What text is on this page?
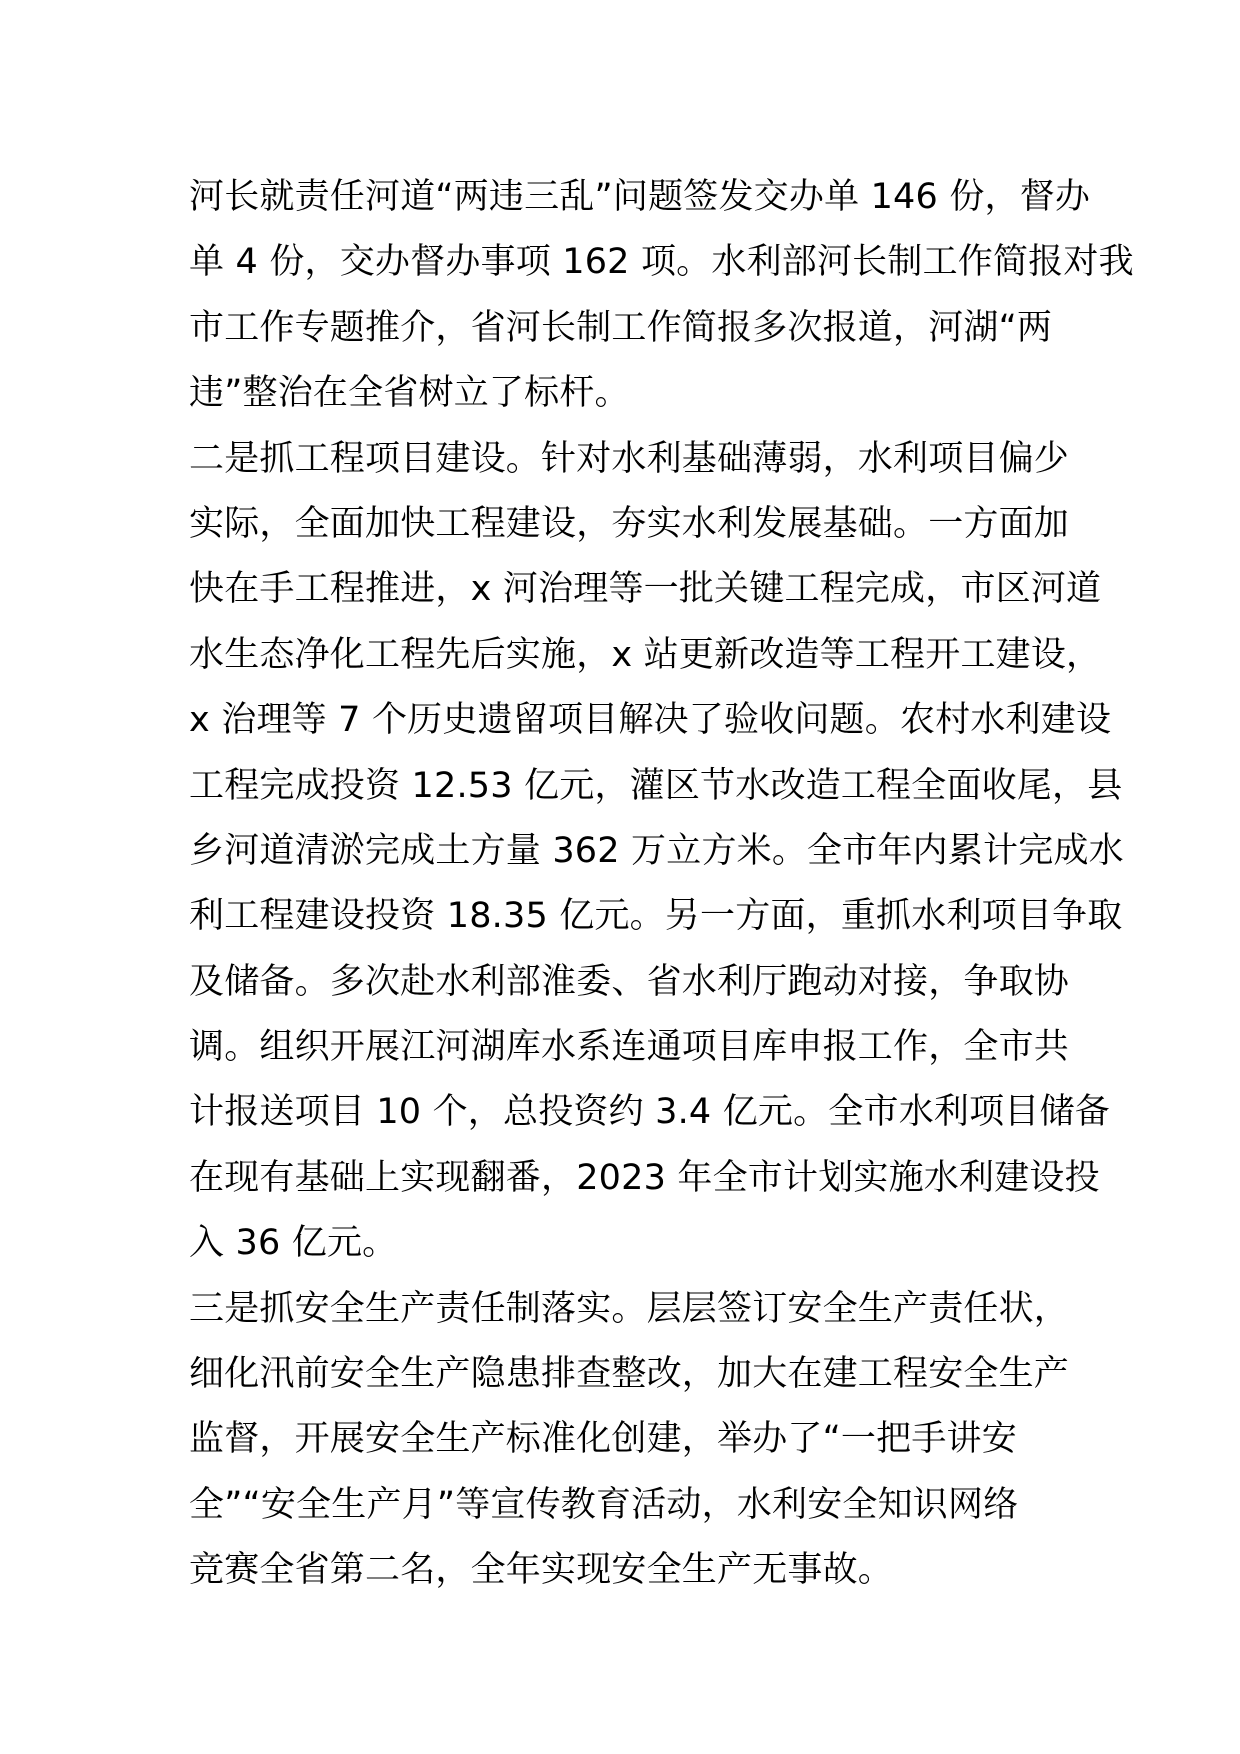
河长就责任河道“两违三乱”问题签发交办单 146 份，督办
单 4 份，交办督办事项 162 项。水利部河长制工作简报对我
市工作专题推介，省河长制工作简报多次报道，河湖“两
违”整治在全省树立了标杆。
二是抓工程项目建设。针对水利基础薄弱，水利项目偏少
实际，全面加快工程建设，夯实水利发展基础。一方面加
快在手工程推进，x 河治理等一批关键工程完成，市区河道
水生态净化工程先后实施，x 站更新改造等工程开工建设，
x 治理等 7 个历史遗留项目解决了验收问题。农村水利建设
工程完成投资 12.53 亿元，灌区节水改造工程全面收尾，县
乡河道清淤完成土方量 362 万立方米。全市年内累计完成水
利工程建设投资 18.35 亿元。另一方面，重抓水利项目争取
及储备。多次赴水利部淮委、省水利厅跑动对接，争取协
调。组织开展江河湖库水系连通项目库申报工作，全市共
计报送项目 10 个，总投资约 3.4 亿元。全市水利项目储备
在现有基础上实现翻番，2023 年全市计划实施水利建设投
入 36 亿元。
三是抓安全生产责任制落实。层层签订安全生产责任状，
细化汛前安全生产隐患排查整改，加大在建工程安全生产
监督，开展安全生产标准化创建，举办了“一把手讲安
全”“安全生产月”等宣传教育活动，水利安全知识网络
竞赛全省第二名，全年实现安全生产无事故。
